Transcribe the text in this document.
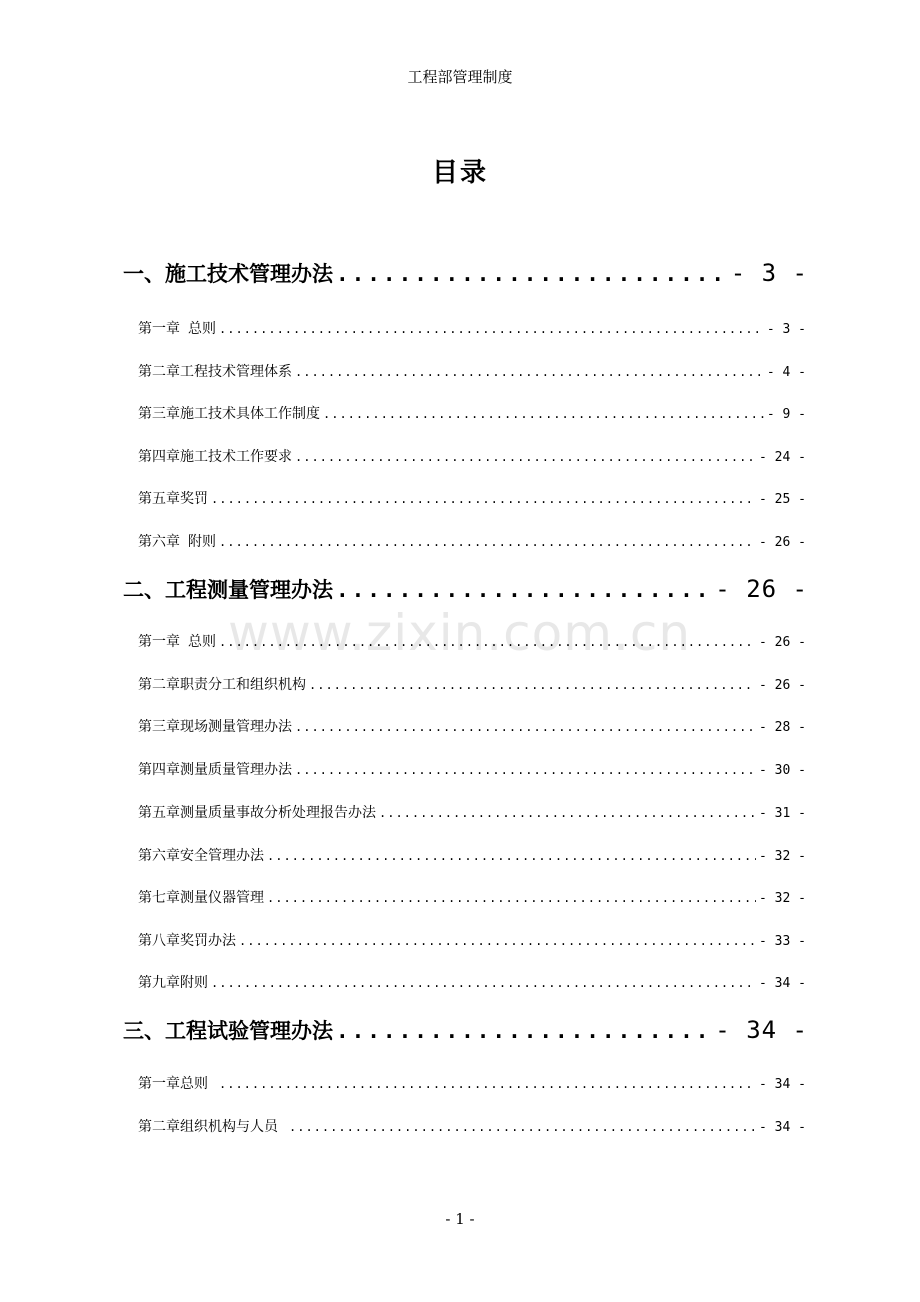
工程部管理制度
目录
www.zixin.com.cn
一、施工技术管理办法 .....	- 3 -
第一章 总则 .....	- 3 -
第二章 工程技术管理体系 .....	- 4 -
第三章 施工技术具体工作制度 .....	- 9 -
第四章 施工技术工作要求 .....	- 24 -
第五章 奖罚 .....	- 25 -
第六章 附则 .....	- 26 -
二、工程测量管理办法 .....	- 26 -
第一章 总则 .....	- 26 -
第二章 职责分工和组织机构 .....	- 26 -
第三章 现场测量管理办法 .....	- 28 -
第四章 测量质量管理办法 .....	- 30 -
第五章 测量质量事故分析处理报告办法 .....	- 31 -
第六章 安全管理办法 .....	- 32 -
第七章 测量仪器管理 .....	- 32 -
第八章 奖罚办法 .....	- 33 -
第九章 附则 .....	- 34 -
三、工程试验管理办法 .....	- 34 -
第一章 总则 .....	- 34 -
第二章 组织机构与人员 .....	- 34 -
- 1 -
